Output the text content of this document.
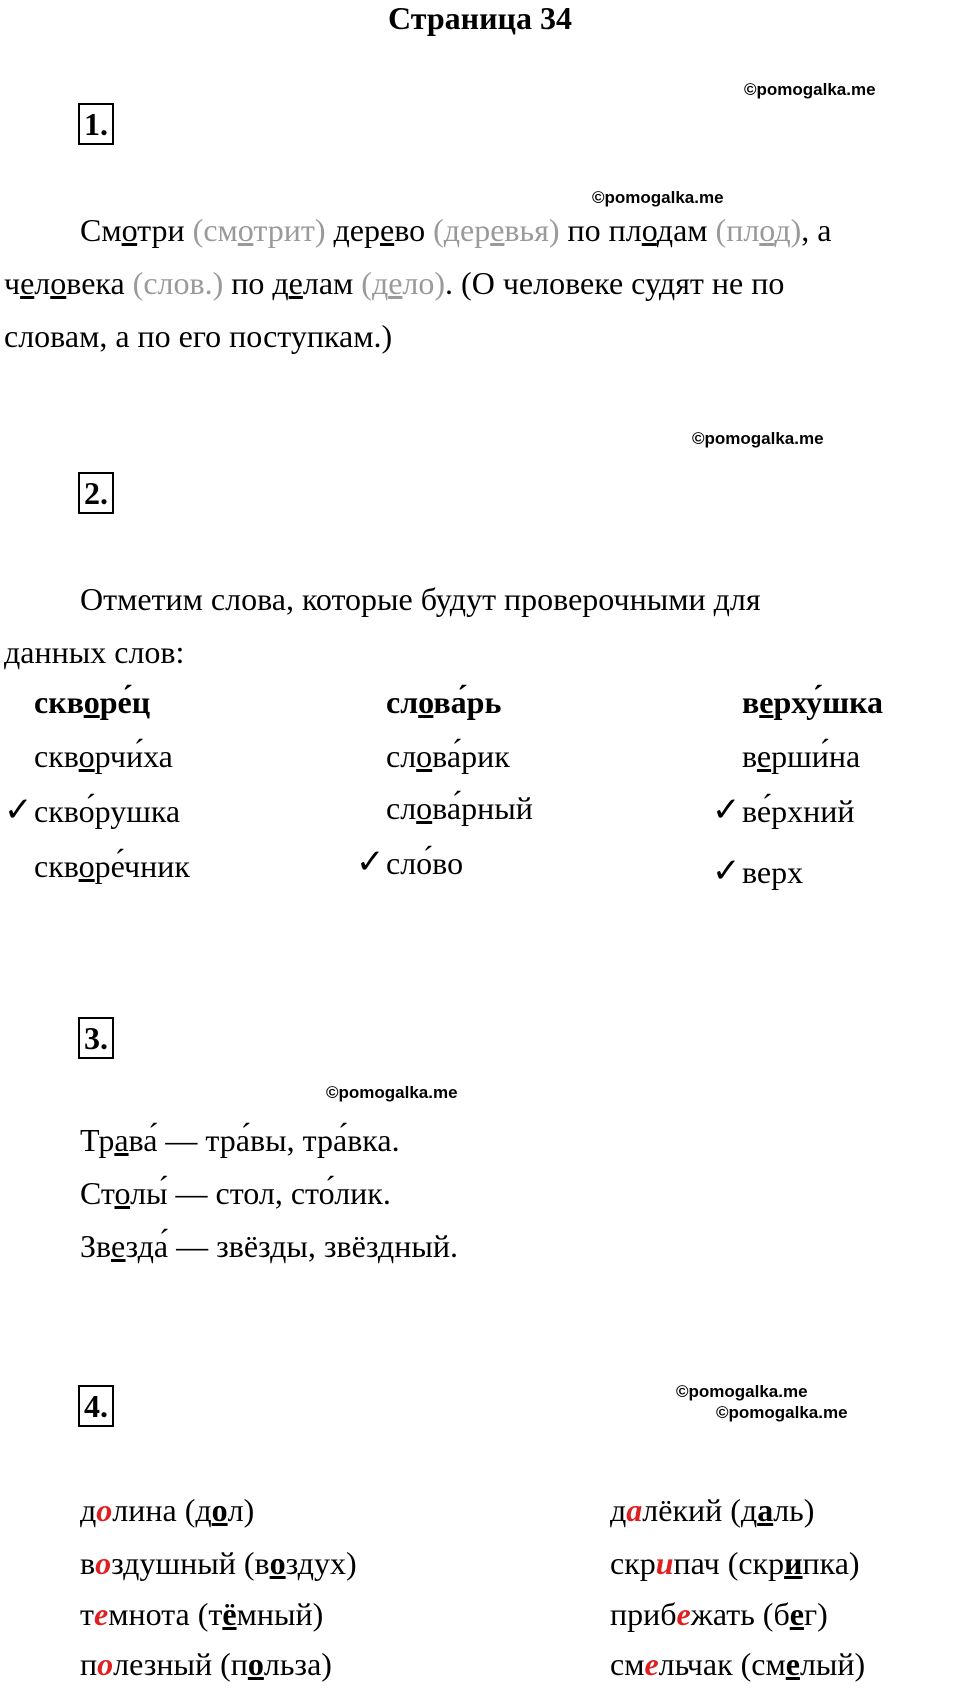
Страница 34
©pomogalka.me
©pomogalka.me
©pomogalka.me
©pomogalka.me
©pomogalka.me
©pomogalka.me
1.
Смотри (смотрит) дерево (деревья) по плодам (плод), а
человека (слов.) по делам (дело). (О человеке судят не по
словам, а по его поступкам.)
2.
Отметим слова, которые будут проверочными для
данных слов:
скворе́ц
скворчи́ха
✓ скво́рушка
скворе́чник
слова́рь
слова́рик
слова́рный
✓ сло́во
верху́шка
верши́на
✓ ве́рхний
✓ верх
3.
Трава́ — тра́вы, тра́вка.
Столы́ — стол, сто́лик.
Звезда́ — звёзды, звёздный.
4.
долина (дол)
воздушный (воздух)
темнота (тёмный)
полезный (польза)
далёкий (даль)
скрипач (скрипка)
прибежать (бег)
смельчак (смелый)
